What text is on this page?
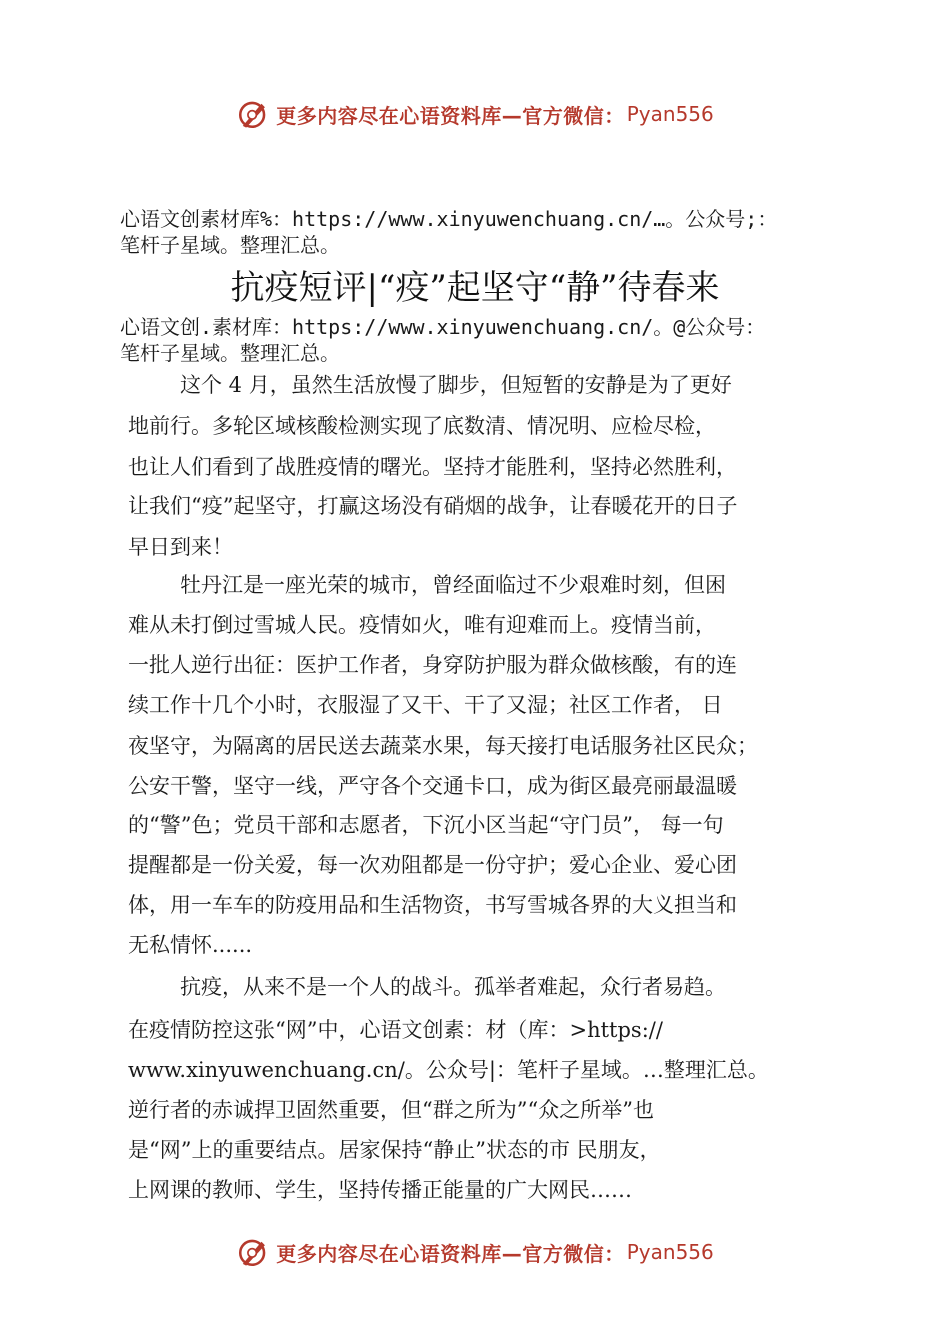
更多内容尽在心语资料库—官方微信： Pyan556
心语文创素材库%：https://www.xinyuwenchuang.cn/…。公众号;：
笔杆子星域。整理汇总。
抗疫短评|“疫”起坚守“静”待春来
心语文创.素材库：https://www.xinyuwenchuang.cn/。@公众号：
笔杆子星域。整理汇总。
这个 4 月，虽然生活放慢了脚步，但短暂的安静是为了更好
地前行。多轮区域核酸检测实现了底数清、情况明、应检尽检，
也让人们看到了战胜疫情的曙光。坚持才能胜利，坚持必然胜利，
让我们“疫”起坚守，打赢这场没有硝烟的战争，让春暖花开的日子
早日到来！
牡丹江是一座光荣的城市，曾经面临过不少艰难时刻，但困
难从未打倒过雪城人民。疫情如火，唯有迎难而上。疫情当前，
一批人逆行出征：医护工作者，身穿防护服为群众做核酸，有的连
续工作十几个小时，衣服湿了又干、干了又湿；社区工作者， 日
夜坚守，为隔离的居民送去蔬菜水果，每天接打电话服务社区民众；
公安干警，坚守一线，严守各个交通卡口，成为街区最亮丽最温暖
的“警”色；党员干部和志愿者，下沉小区当起“守门员”， 每一句
提醒都是一份关爱，每一次劝阻都是一份守护；爱心企业、爱心团
体，用一车车的防疫用品和生活物资，书写雪城各界的大义担当和
无私情怀......
抗疫，从来不是一个人的战斗。孤举者难起，众行者易趋。
在疫情防控这张“网”中，心语文创素：材（库：>https://
www.xinyuwenchuang.cn/。公众号|：笔杆子星域。…整理汇总。
逆行者的赤诚捍卫固然重要，但“群之所为”“众之所举”也
是“网”上的重要结点。居家保持“静止”状态的市 民朋友，
上网课的教师、学生，坚持传播正能量的广大网民……
更多内容尽在心语资料库—官方微信： Pyan556
